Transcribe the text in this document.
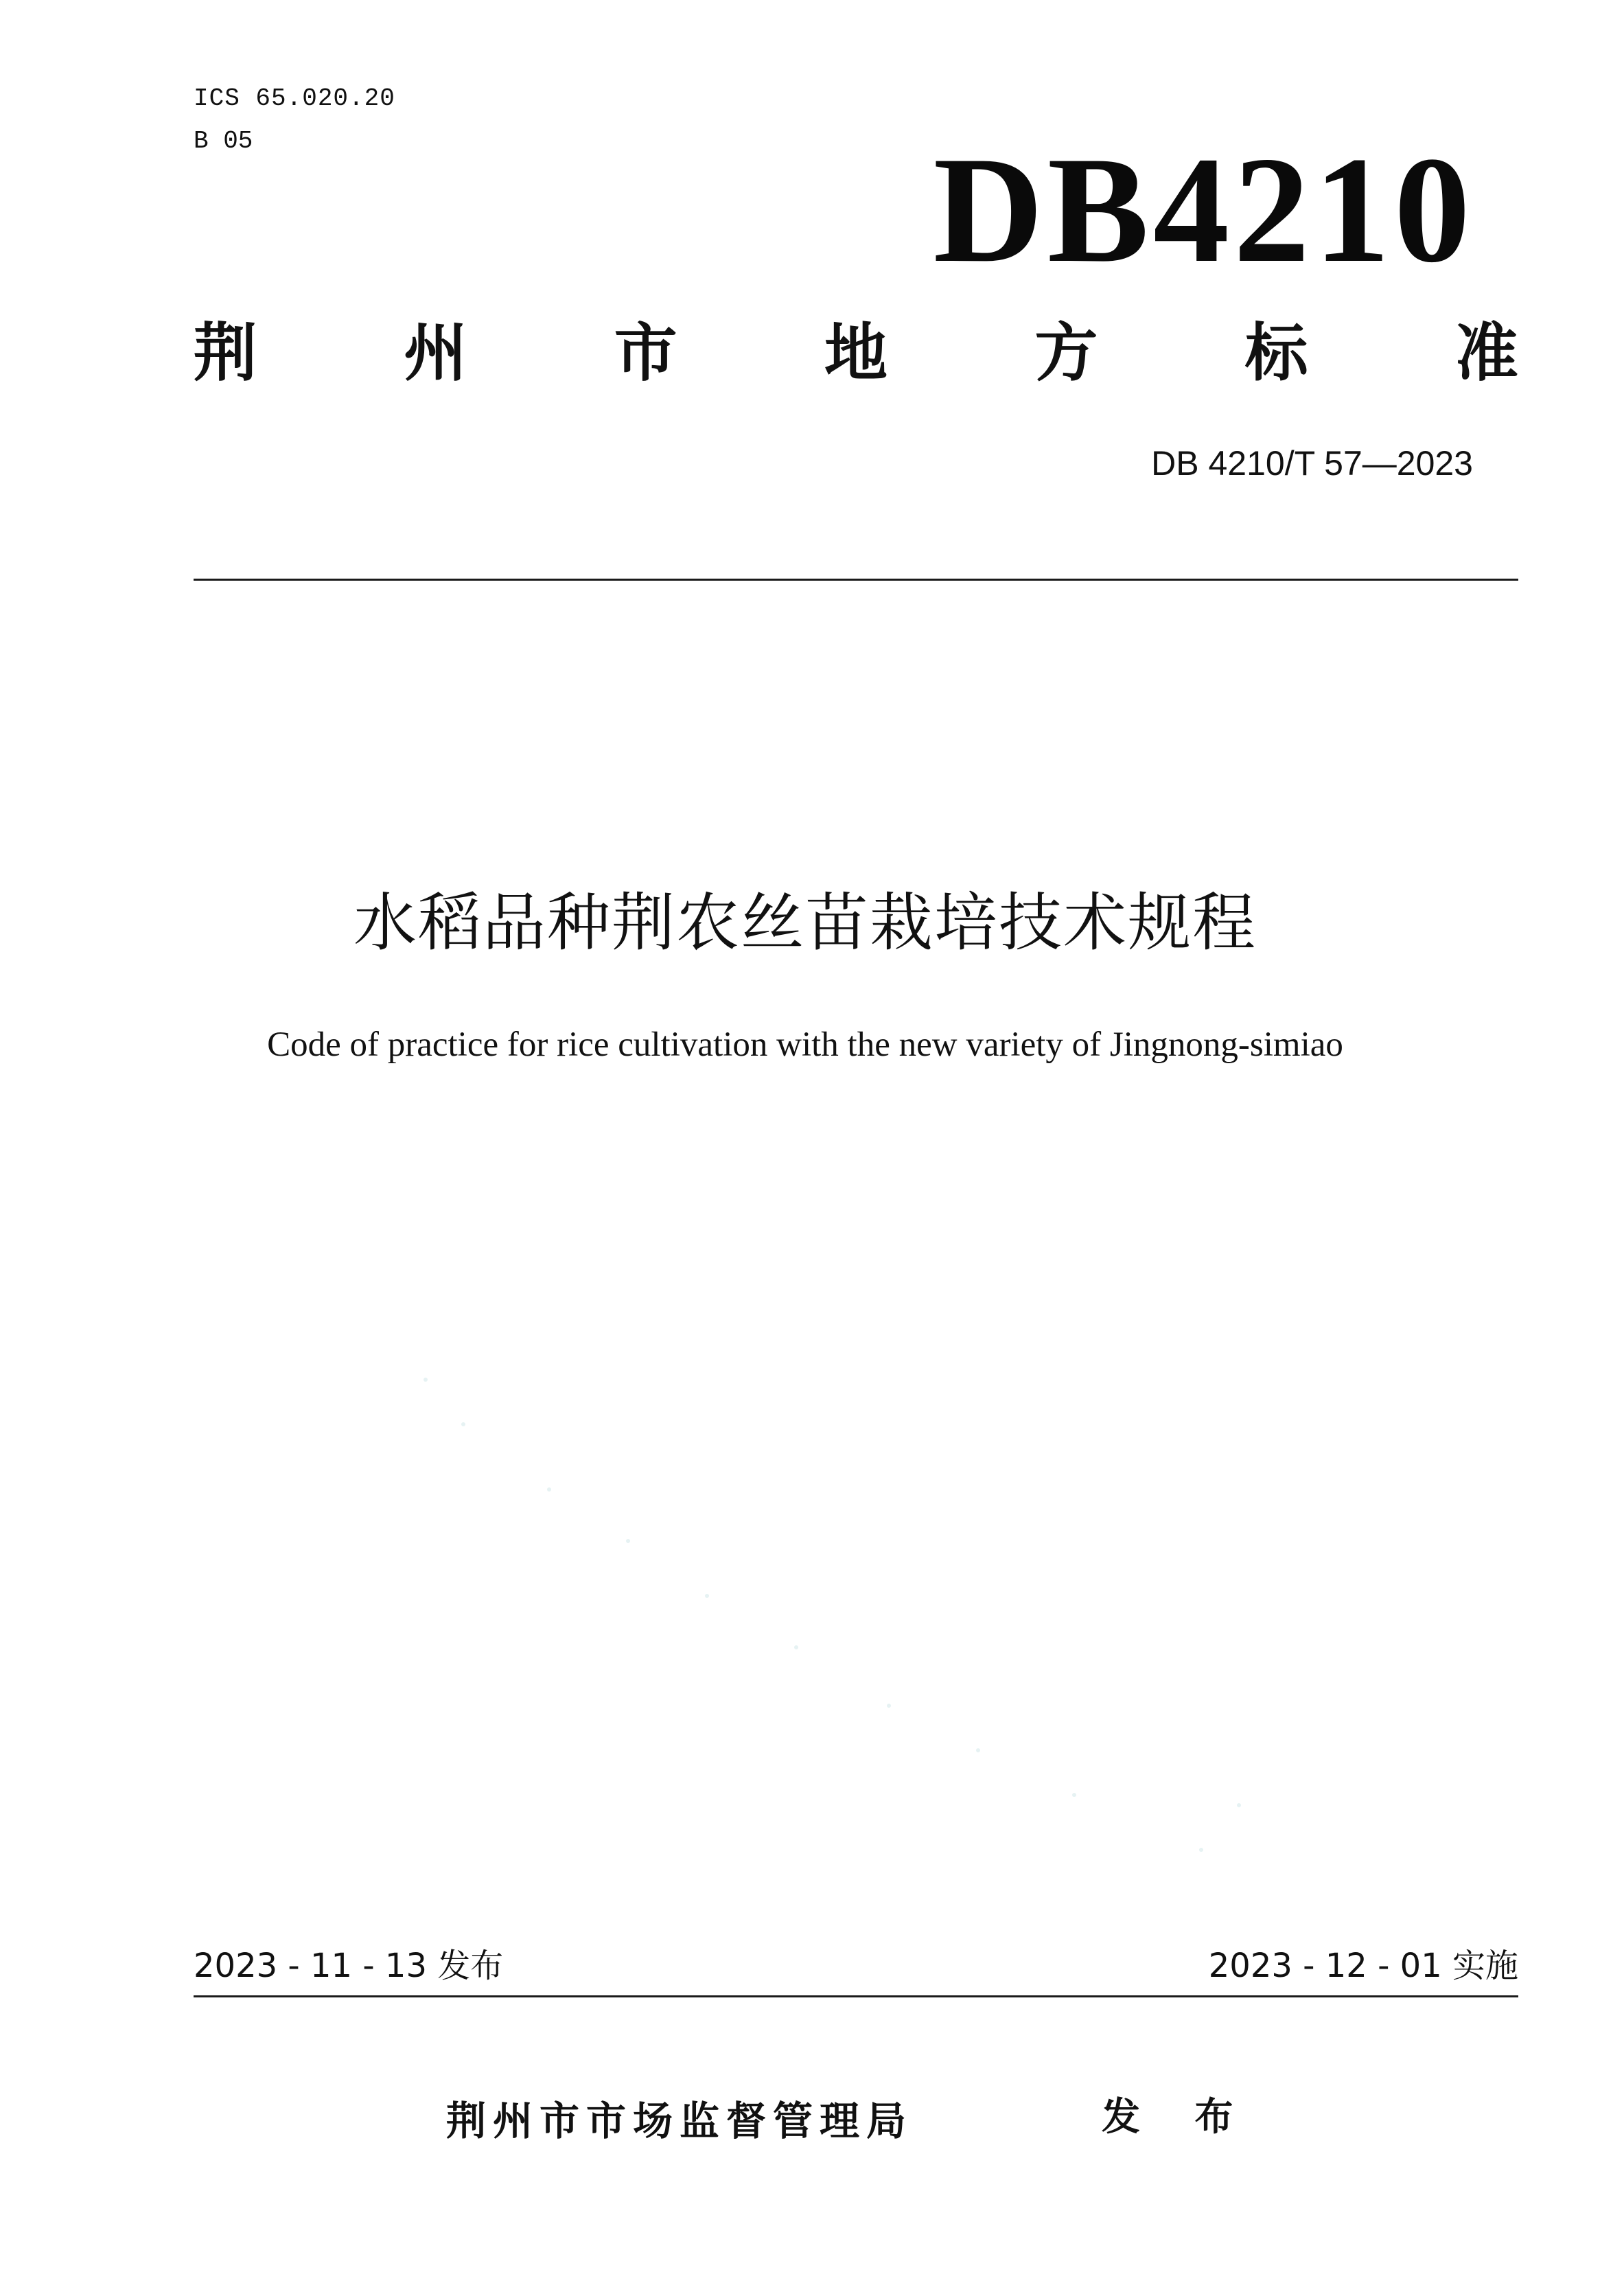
ICS 65.020.20
B 05	DB4210
荆 州 市 地 方 标 准
DB 4210/T 57—2023
水稻品种荆农丝苗栽培技术规程
Code of practice for rice cultivation with the new variety of Jingnong-simiao
2023 - 11 - 13 发布	2023 - 12 - 01 实施
荆州市市场监督管理局	发 布
